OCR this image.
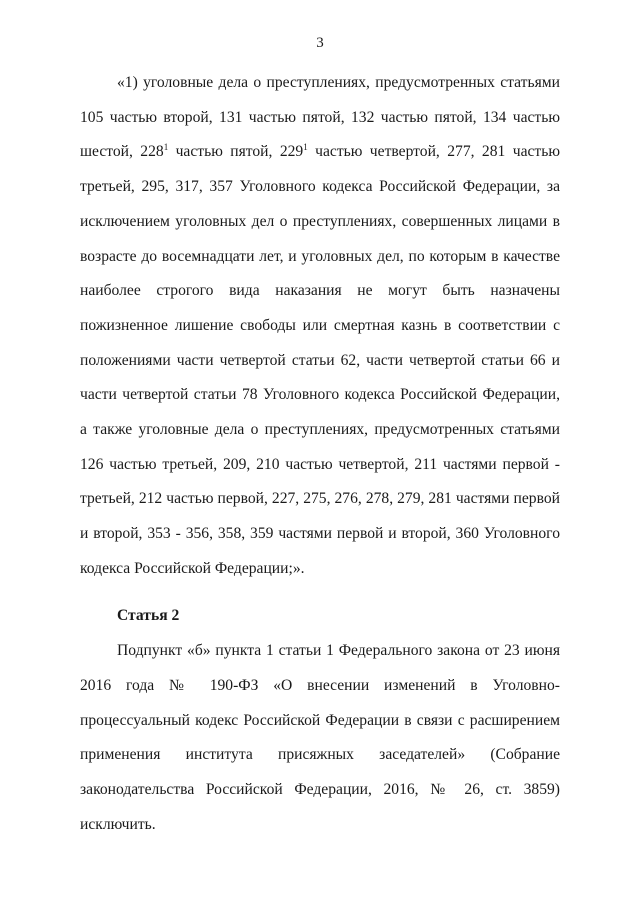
3

«1) уголовные дела о преступлениях, предусмотренных статьями 105 частью второй, 131 частью пятой, 132 частью пятой, 134 частью шестой, $228^1$ частью пятой, $229^1$ частью четвертой, 277, 281 частью третьей, 295, 317, 357 Уголовного кодекса Российской Федерации, за исключением уголовных дел о преступлениях, совершенных лицами в возрасте до восемнадцати лет, и уголовных дел, по которым в качестве наиболее строгого вида наказания не могут быть назначены пожизненное лишение свободы или смертная казнь в соответствии с положениями части четвертой статьи 62, части четвертой статьи 66 и части четвертой статьи 78 Уголовного кодекса Российской Федерации, а также уголовные дела о преступлениях, предусмотренных статьями 126 частью третьей, 209, 210 частью четвертой, 211 частями первой - третьей, 212 частью первой, 227, 275, 276, 278, 279, 281 частями первой и второй, 353 - 356, 358, 359 частями первой и второй, 360 Уголовного кодекса Российской Федерации;».

Статья 2

Подпункт «б» пункта 1 статьи 1 Федерального закона от 23 июня 2016 года № 190-ФЗ «О внесении изменений в Уголовно-процессуальный кодекс Российской Федерации в связи с расширением применения института присяжных заседателей» (Собрание законодательства Российской Федерации, 2016, № 26, ст. 3859) исключить.
